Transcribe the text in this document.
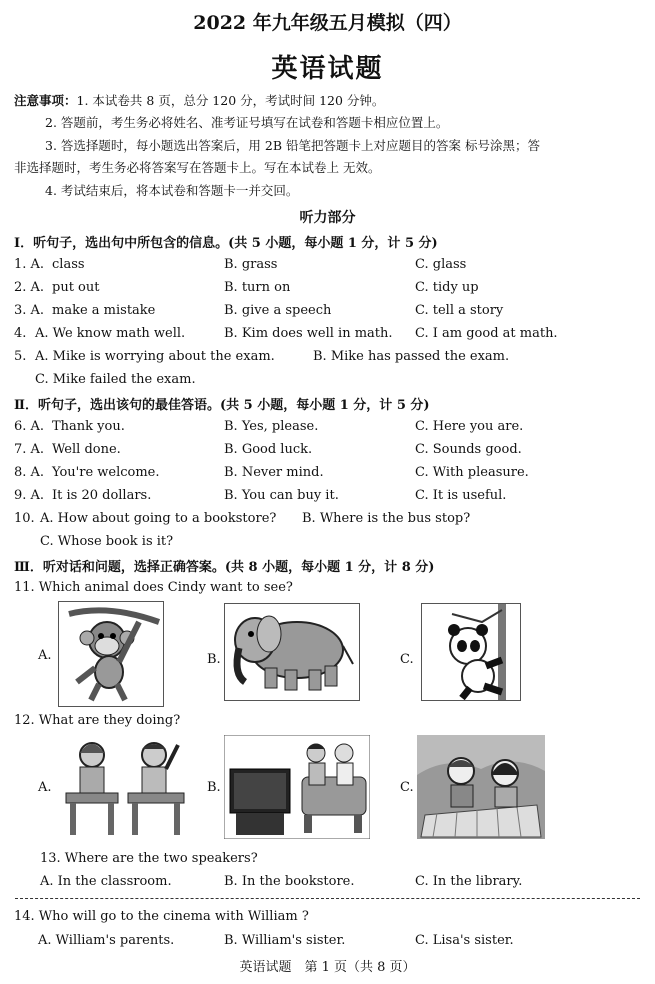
2022 年九年级五月模拟（四）
英语试题
注意事项：1. 本试卷共 8 页，总分 120 分，考试时间 120 分钟。
2. 答题前，考生务必将姓名、准考证号填写在试卷和答题卡相应位置上。
3. 答选择题时，每小题选出答案后，用 2B 铅笔把答题卡上对应题目的答案 标号涂黑；答
非选择题时，考生务必将答案写在答题卡上。写在本试卷上 无效。
4. 考试结束后，将本试卷和答题卡一并交回。
听力部分
Ⅰ．听句子，选出句中所包含的信息。(共 5 小题，每小题 1 分，计 5 分)
1. A. class	B. grass	C. glass
2. A. put out	B. turn on	C. tidy up
3. A. make a mistake	B. give a speech	C. tell a story
4. A. We know math well.	B. Kim does well in math. C. I am good at math.
5. A. Mike is worrying about the exam.	B. Mike has passed the exam.
C. Mike failed the exam.
Ⅱ．听句子，选出该句的最佳答语。(共 5 小题，每小题 1 分，计 5 分)
6. A. Thank you.	B. Yes, please.	C. Here you are.
7. A. Well done.	B. Good luck.	C. Sounds good.
8. A. You're welcome.	B. Never mind.	C. With pleasure.
9. A. It is 20 dollars.	B. You can buy it.	C. It is useful.
10. A. How about going to a bookstore? B. Where is the bus stop?
C. Whose book is it?
Ⅲ．听对话和问题，选择正确答案。(共 8 小题，每小题 1 分，计 8 分)
11. Which animal does Cindy want to see?
A.	B.	C.
12. What are they doing?
A.	B.	C.
13. Where are the two speakers?
A. In the classroom.	B. In the bookstore.	C. In the library.
14. Who will go to the cinema with William ?
A. William's parents.	B. William's sister.	C. Lisa's sister.
英语试题　第 1 页（共 8 页）
